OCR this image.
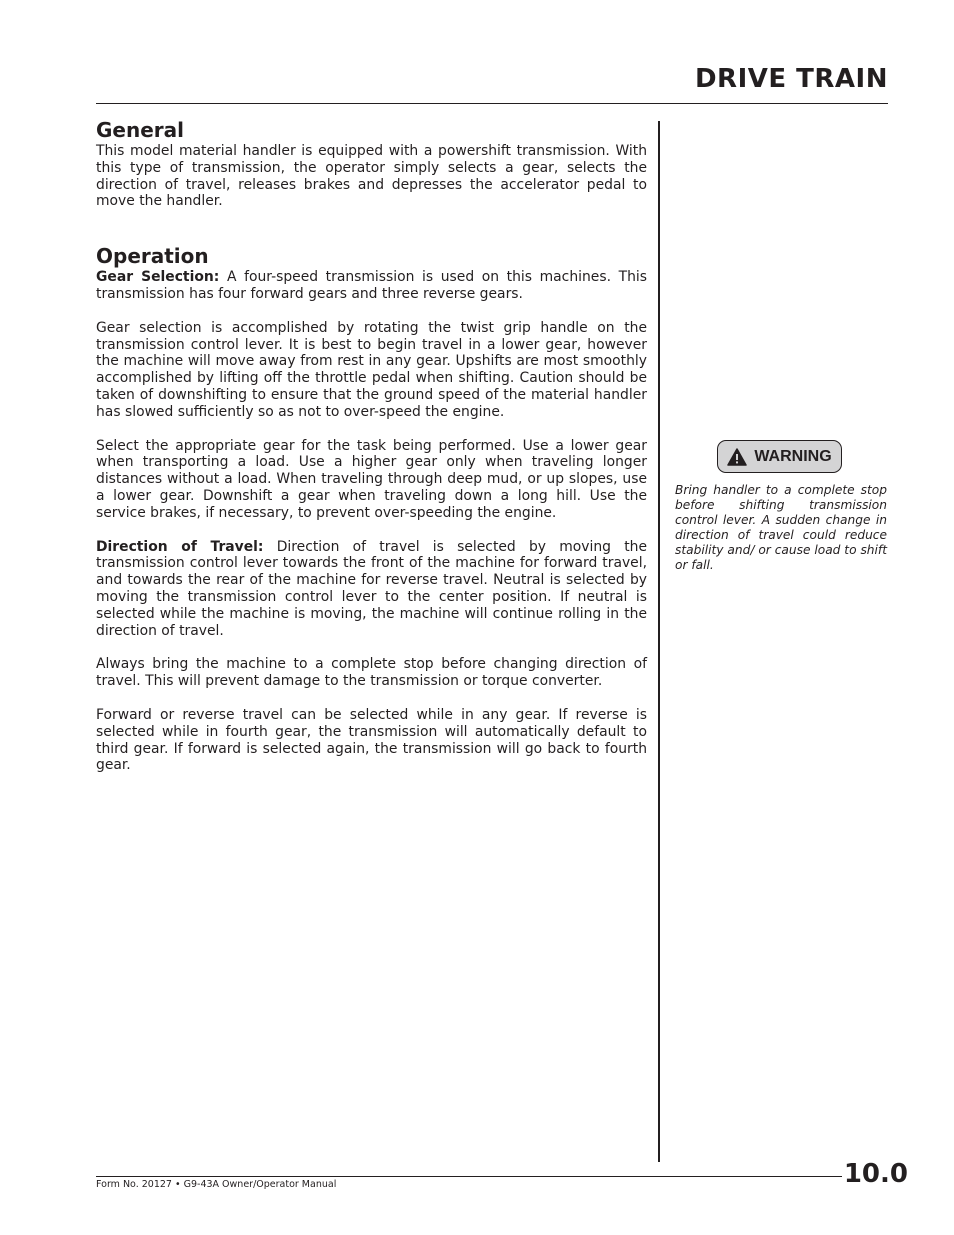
DRIVE TRAIN
General

This model material handler is equipped with a powershift transmission. With this type of transmission, the operator simply selects a gear, selects the direction of travel, releases brakes and depresses the accelerator pedal to move the handler.

Operation

Gear Selection: A four-speed transmission is used on this machines. This transmission has four forward gears and three reverse gears.

Gear selection is accomplished by rotating the twist grip handle on the transmission control lever. It is best to begin travel in a lower gear, however the machine will move away from rest in any gear. Upshifts are most smoothly accomplished by lifting off the throttle pedal when shifting. Caution should be taken of downshifting to ensure that the ground speed of the material handler has slowed sufficiently so as not to over-speed the engine.

Select the appropriate gear for the task being performed. Use a lower gear when transporting a load. Use a higher gear only when traveling longer distances without a load. When traveling through deep mud, or up slopes, use a lower gear. Downshift a gear when traveling down a long hill. Use the service brakes, if necessary, to prevent over-speeding the engine.

Direction of Travel: Direction of travel is selected by moving the transmission control lever towards the front of the machine for forward travel, and towards the rear of the machine for reverse travel. Neutral is selected by moving the transmission control lever to the center position. If neutral is selected while the machine is moving, the machine will continue rolling in the direction of travel.

Always bring the machine to a complete stop before changing direction of travel. This will prevent damage to the transmission or torque converter.

Forward or reverse travel can be selected while in any gear. If reverse is selected while in fourth gear, the transmission will automatically default to third gear. If forward is selected again, the transmission will go back to fourth gear.

WARNING

Bring handler to a complete stop before shifting transmission control lever. A sudden change in direction of travel could reduce stability and/ or cause load to shift or fall.

Form No. 20127 • G9-43A Owner/Operator Manual	10.0
